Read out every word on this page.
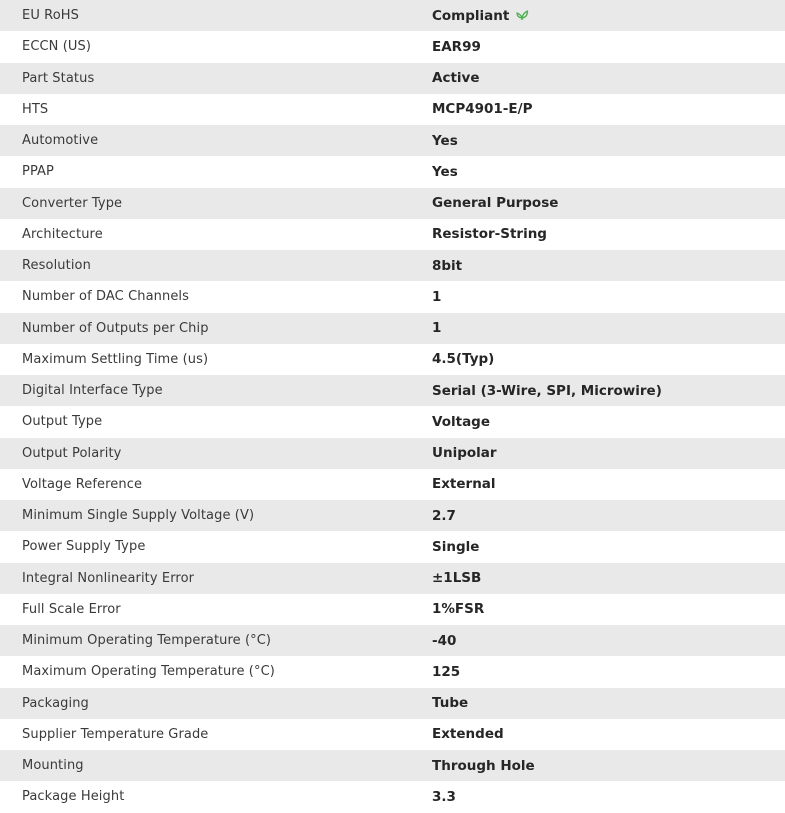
EU RoHS	Compliant
ECCN (US)	EAR99
Part Status	Active
HTS	MCP4901-E/P
Automotive	Yes
PPAP	Yes
Converter Type	General Purpose
Architecture	Resistor-String
Resolution	8bit
Number of DAC Channels	1
Number of Outputs per Chip	1
Maximum Settling Time (us)	4.5(Typ)
Digital Interface Type	Serial (3-Wire, SPI, Microwire)
Output Type	Voltage
Output Polarity	Unipolar
Voltage Reference	External
Minimum Single Supply Voltage (V)	2.7
Power Supply Type	Single
Integral Nonlinearity Error	±1LSB
Full Scale Error	1%FSR
Minimum Operating Temperature (°C)	-40
Maximum Operating Temperature (°C)	125
Packaging	Tube
Supplier Temperature Grade	Extended
Mounting	Through Hole
Package Height	3.3
